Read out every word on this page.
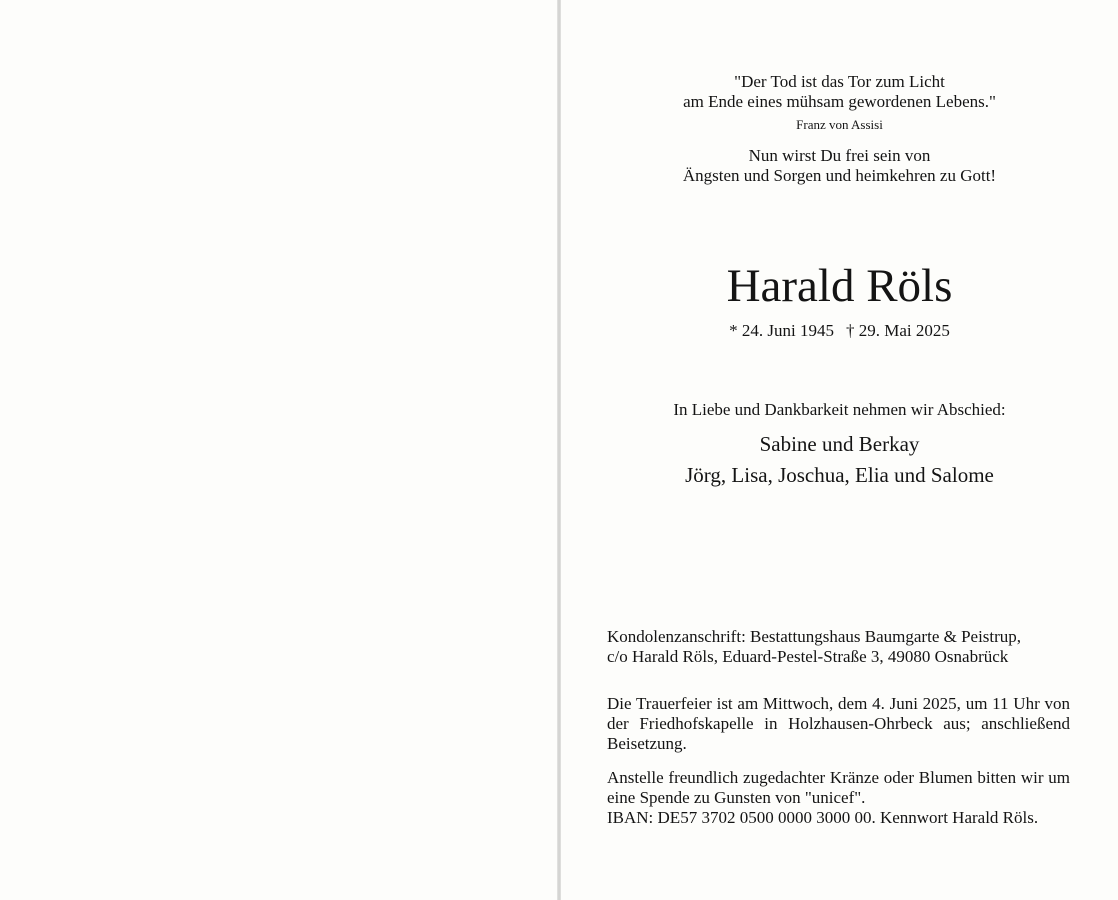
"Der Tod ist das Tor zum Licht
am Ende eines mühsam gewordenen Lebens."
Franz von Assisi
Nun wirst Du frei sein von
Ängsten und Sorgen und heimkehren zu Gott!
Harald Röls
* 24. Juni 1945 † 29. Mai 2025
In Liebe und Dankbarkeit nehmen wir Abschied:
Sabine und Berkay
Jörg, Lisa, Joschua, Elia und Salome
Kondolenzanschrift: Bestattungshaus Baumgarte & Peistrup,
c/o Harald Röls, Eduard-Pestel-Straße 3, 49080 Osnabrück

Die Trauerfeier ist am Mittwoch, dem 4. Juni 2025, um 11 Uhr von der Friedhofskapelle in Holzhausen-Ohrbeck aus; anschließend Beisetzung.

Anstelle freundlich zugedachter Kränze oder Blumen bitten wir um eine Spende zu Gunsten von "unicef".
IBAN: DE57 3702 0500 0000 3000 00. Kennwort Harald Röls.
